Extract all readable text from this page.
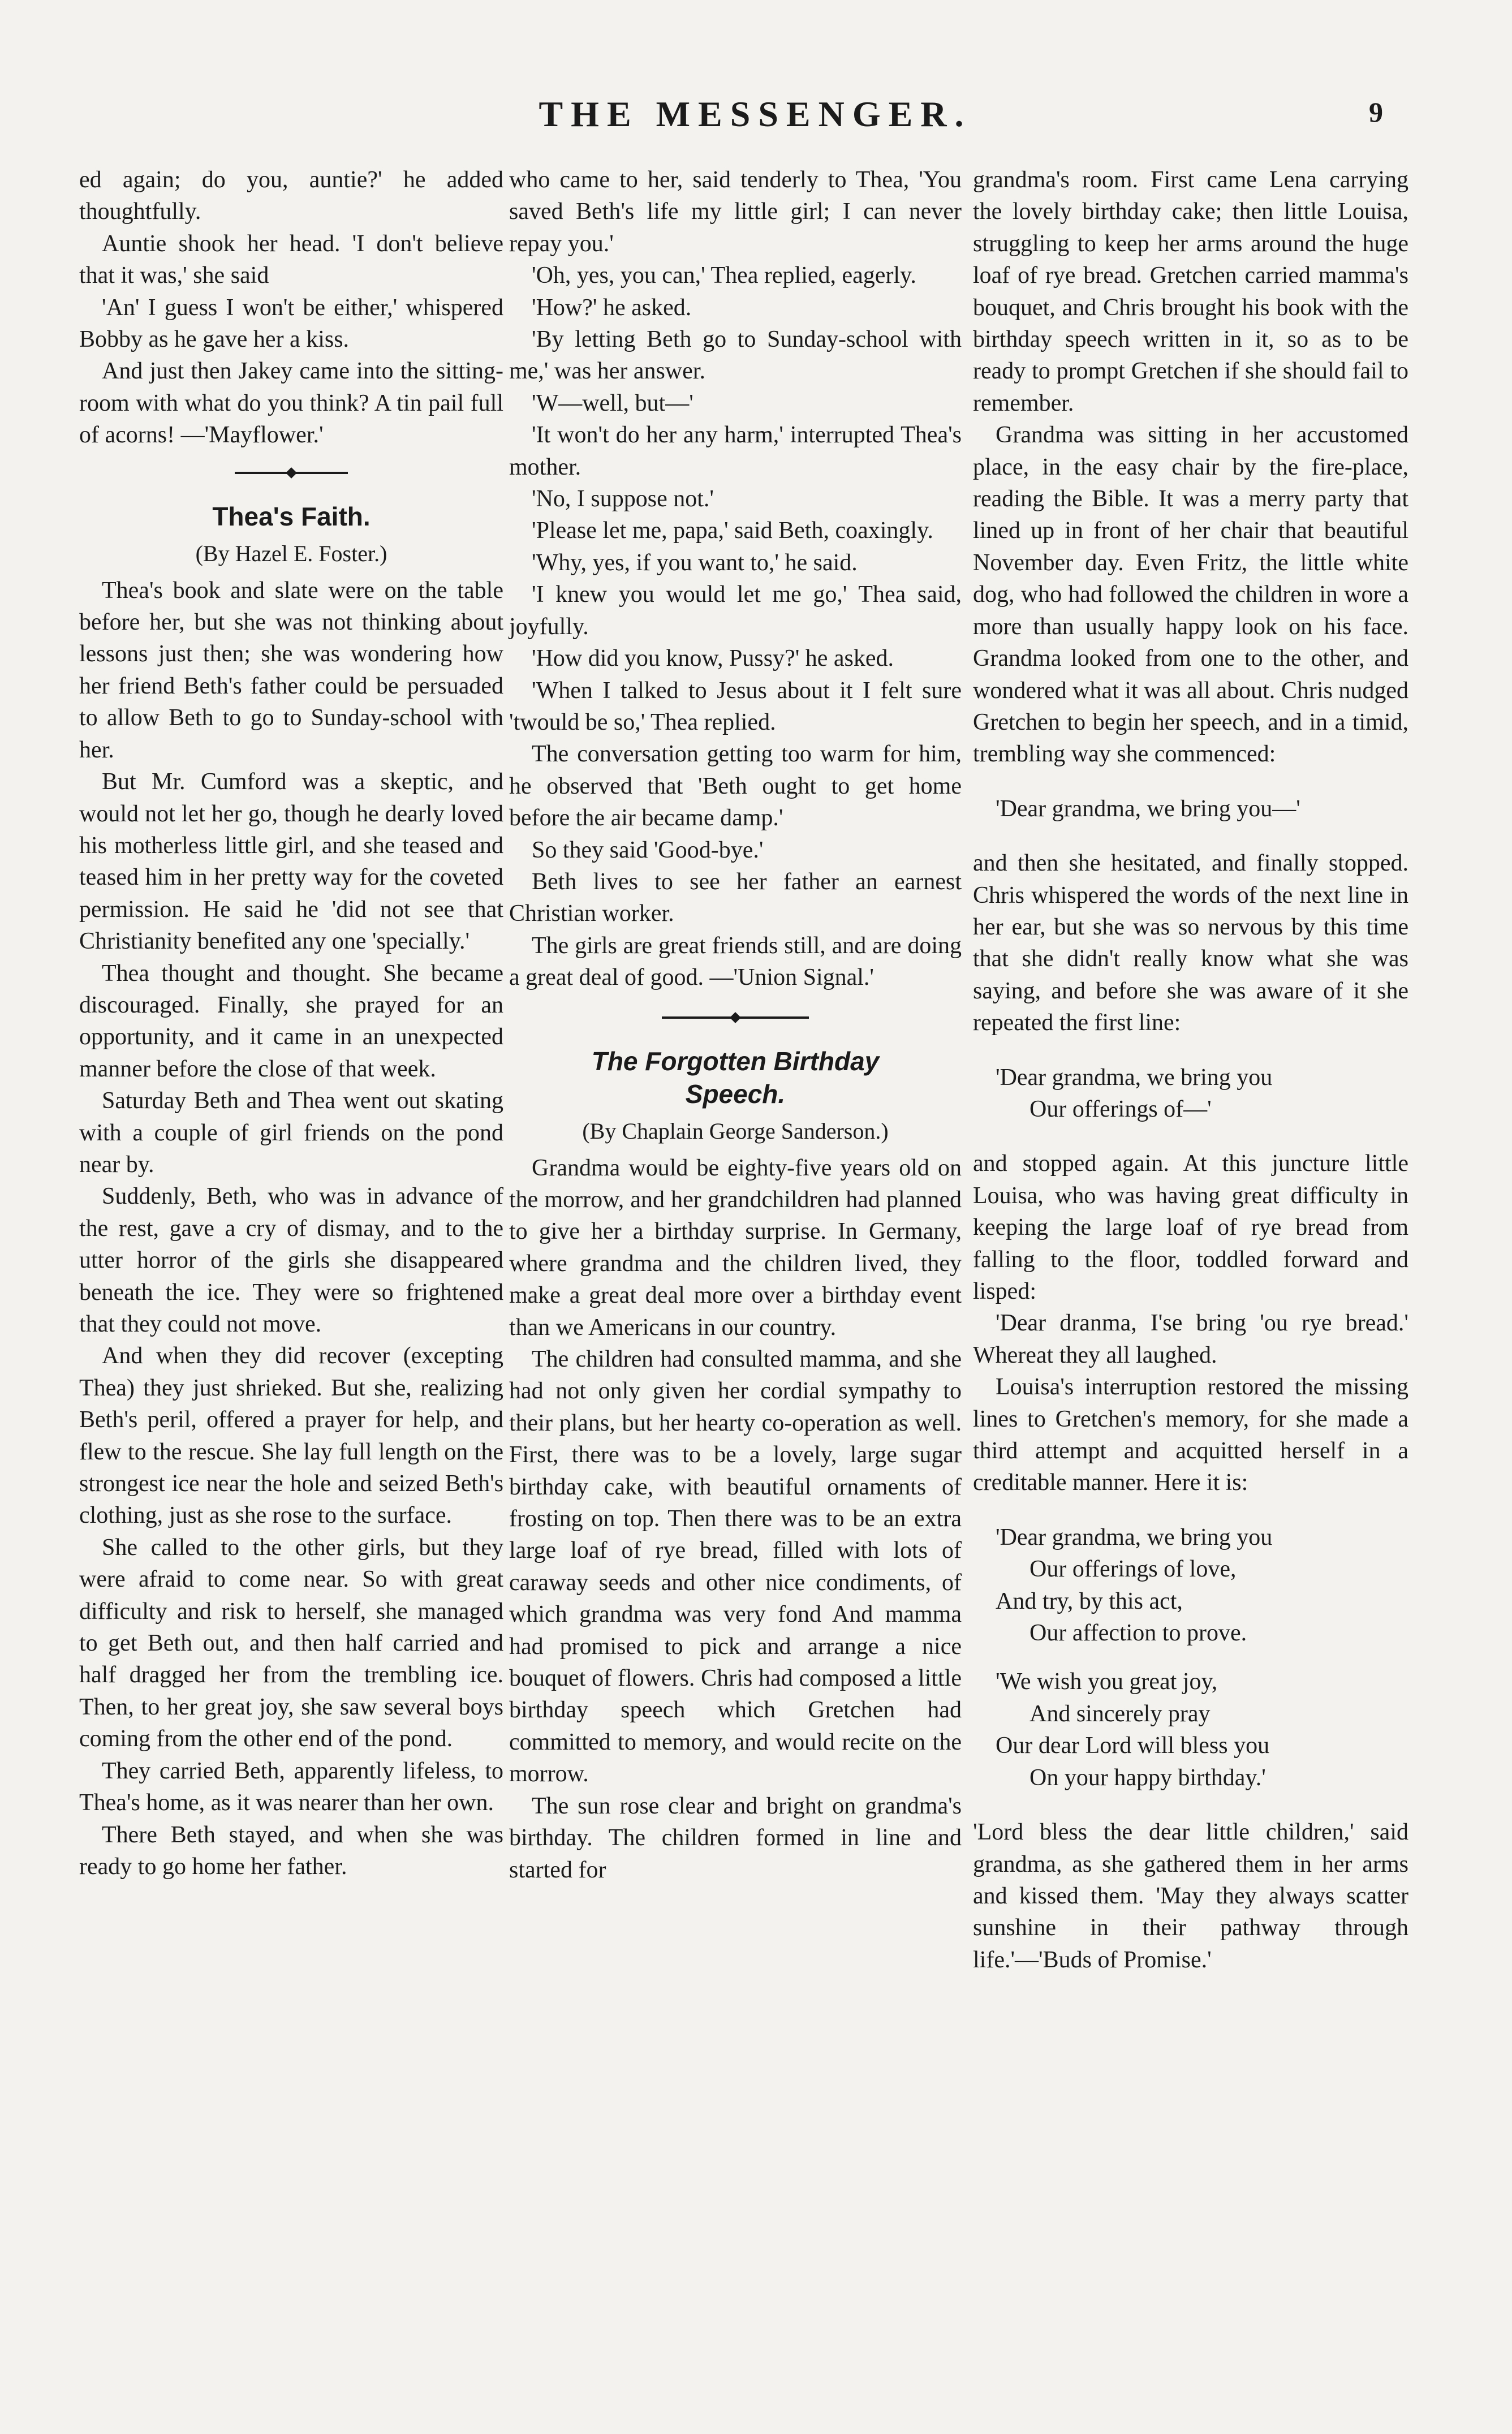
THE MESSENGER.	9

ed again; do you, auntie?' he added thoughtfully.

Auntie shook her head. 'I don't believe that it was,' she said

'An' I guess I won't be either,' whispered Bobby as he gave her a kiss.

And just then Jakey came into the sitting-room with what do you think? A tin pail full of acorns! —'Mayflower.'

Thea's Faith.
(By Hazel E. Foster.)

Thea's book and slate were on the table before her, but she was not thinking about lessons just then; she was wondering how her friend Beth's father could be persuaded to allow Beth to go to Sunday-school with her.

But Mr. Cumford was a skeptic, and would not let her go, though he dearly loved his motherless little girl, and she teased and teased him in her pretty way for the coveted permission. He said he 'did not see that Christianity benefited any one 'specially.'

Thea thought and thought. She became discouraged. Finally, she prayed for an opportunity, and it came in an unexpected manner before the close of that week.

Saturday Beth and Thea went out skating with a couple of girl friends on the pond near by.

Suddenly, Beth, who was in advance of the rest, gave a cry of dismay, and to the utter horror of the girls she disappeared beneath the ice. They were so frightened that they could not move.

And when they did recover (excepting Thea) they just shrieked. But she, realizing Beth's peril, offered a prayer for help, and flew to the rescue. She lay full length on the strongest ice near the hole and seized Beth's clothing, just as she rose to the surface.

She called to the other girls, but they were afraid to come near. So with great difficulty and risk to herself, she managed to get Beth out, and then half carried and half dragged her from the trembling ice. Then, to her great joy, she saw several boys coming from the other end of the pond.

They carried Beth, apparently lifeless, to Thea's home, as it was nearer than her own.

There Beth stayed, and when she was ready to go home her father.

who came to her, said tenderly to Thea, 'You saved Beth's life my little girl; I can never repay you.'

'Oh, yes, you can,' Thea replied, eagerly.

'How?' he asked.

'By letting Beth go to Sunday-school with me,' was her answer.

'W—well, but—'

'It won't do her any harm,' interrupted Thea's mother.

'No, I suppose not.'

'Please let me, papa,' said Beth, coaxingly.

'Why, yes, if you want to,' he said.

'I knew you would let me go,' Thea said, joyfully.

'How did you know, Pussy?' he asked.

'When I talked to Jesus about it I felt sure 'twould be so,' Thea replied.

The conversation getting too warm for him, he observed that 'Beth ought to get home before the air became damp.'

So they said 'Good-bye.'

Beth lives to see her father an earnest Christian worker.

The girls are great friends still, and are doing a great deal of good. —'Union Signal.'

The Forgotten Birthday
Speech.
(By Chaplain George Sanderson.)

Grandma would be eighty-five years old on the morrow, and her grandchildren had planned to give her a birthday surprise. In Germany, where grandma and the children lived, they make a great deal more over a birthday event than we Americans in our country.

The children had consulted mamma, and she had not only given her cordial sympathy to their plans, but her hearty co-operation as well. First, there was to be a lovely, large sugar birthday cake, with beautiful ornaments of frosting on top. Then there was to be an extra large loaf of rye bread, filled with lots of caraway seeds and other nice condiments, of which grandma was very fond And mamma had promised to pick and arrange a nice bouquet of flowers. Chris had composed a little birthday speech which Gretchen had committed to memory, and would recite on the morrow.

The sun rose clear and bright on grandma's birthday. The children formed in line and started for

grandma's room. First came Lena carrying the lovely birthday cake; then little Louisa, struggling to keep her arms around the huge loaf of rye bread. Gretchen carried mamma's bouquet, and Chris brought his book with the birthday speech written in it, so as to be ready to prompt Gretchen if she should fail to remember.

Grandma was sitting in her accustomed place, in the easy chair by the fire-place, reading the Bible. It was a merry party that lined up in front of her chair that beautiful November day. Even Fritz, the little white dog, who had followed the children in wore a more than usually happy look on his face. Grandma looked from one to the other, and wondered what it was all about. Chris nudged Gretchen to begin her speech, and in a timid, trembling way she commenced:

'Dear grandma, we bring you—'

and then she hesitated, and finally stopped. Chris whispered the words of the next line in her ear, but she was so nervous by this time that she didn't really know what she was saying, and before she was aware of it she repeated the first line:

'Dear grandma, we bring you
Our offerings of—'

and stopped again. At this juncture little Louisa, who was having great difficulty in keeping the large loaf of rye bread from falling to the floor, toddled forward and lisped:

'Dear dranma, I'se bring 'ou rye bread.' Whereat they all laughed.

Louisa's interruption restored the missing lines to Gretchen's memory, for she made a third attempt and acquitted herself in a creditable manner. Here it is:

'Dear grandma, we bring you
Our offerings of love,
And try, by this act,
Our affection to prove.
'We wish you great joy,
And sincerely pray
Our dear Lord will bless you
On your happy birthday.'

'Lord bless the dear little children,' said grandma, as she gathered them in her arms and kissed them. 'May they always scatter sunshine in their pathway through life.'—'Buds of Promise.'
